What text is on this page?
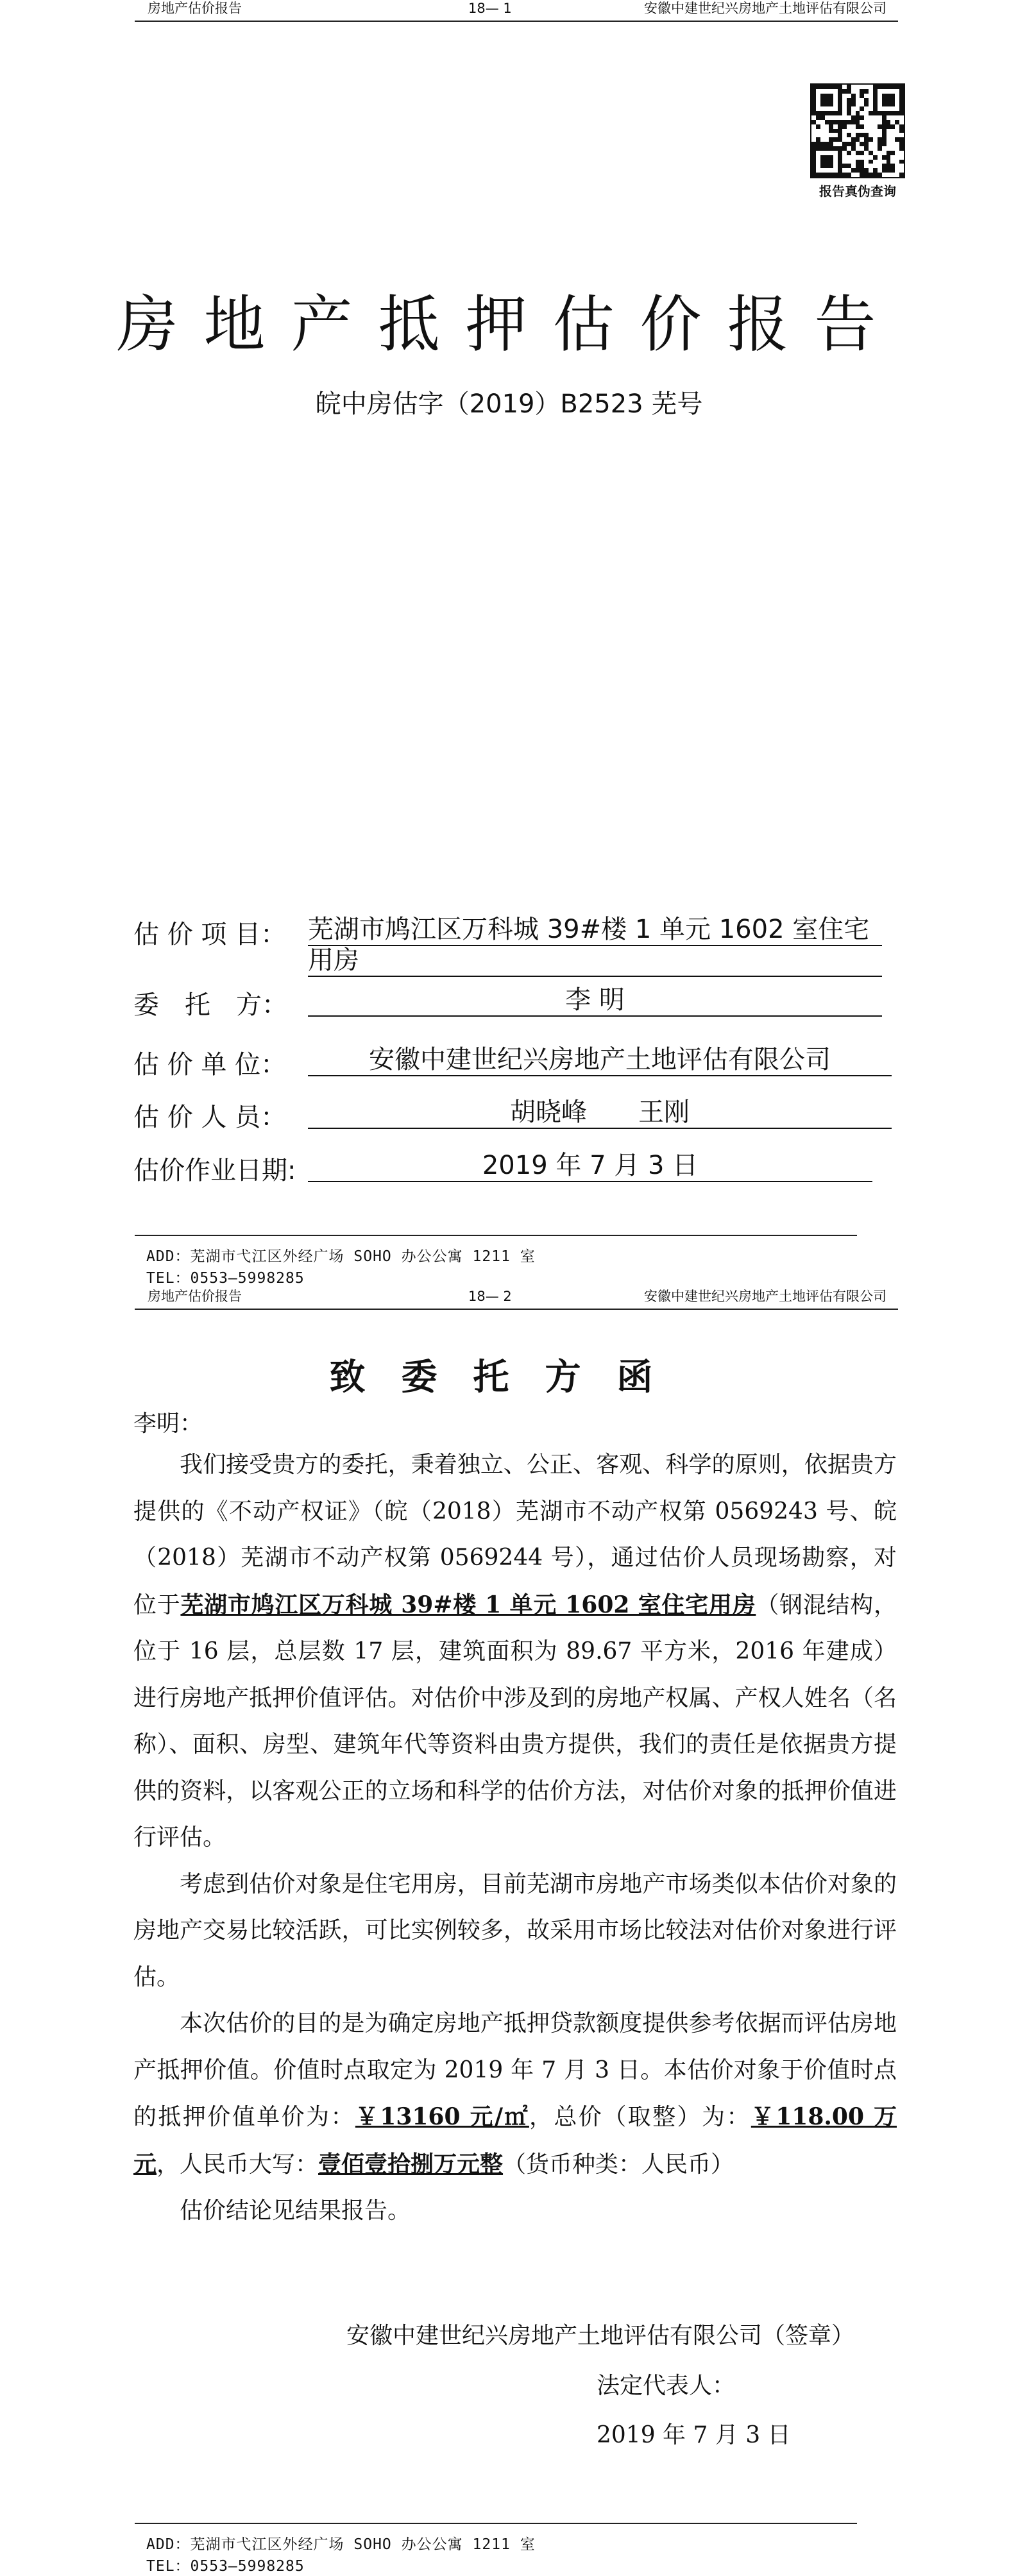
房地产估价报告	18— 1	安徽中建世纪兴房地产土地评估有限公司
报告真伪查询
房地产抵押估价报告
皖中房估字（2019）B2523 芜号
估 价 项 目： 芜湖市鸠江区万科城 39#楼 1 单元 1602 室住宅用房
委　托　方：	李 明
估 价 单 位：	安徽中建世纪兴房地产土地评估有限公司
估 价 人 员：	胡晓峰　　王刚
估价作业日期:	2019 年 7 月 3 日
ADD：芜湖市弋江区外经广场 SOHO 办公公寓 1211 室
TEL：0553—5998285
房地产估价报告	18— 2	安徽中建世纪兴房地产土地评估有限公司
致委托方函
李明：

我们接受贵方的委托，秉着独立、公正、客观、科学的原则，依据贵方提供的《不动产权证》（皖（2018）芜湖市不动产权第 0569243 号、皖（2018）芜湖市不动产权第 0569244 号），通过估价人员现场勘察，对位于芜湖市鸠江区万科城 39#楼 1 单元 1602 室住宅用房（钢混结构，位于 16 层，总层数 17 层，建筑面积为 89.67 平方米，2016 年建成）进行房地产抵押价值评估。对估价中涉及到的房地产权属、产权人姓名（名称）、面积、房型、建筑年代等资料由贵方提供，我们的责任是依据贵方提供的资料，以客观公正的立场和科学的估价方法，对估价对象的抵押价值进行评估。

考虑到估价对象是住宅用房，目前芜湖市房地产市场类似本估价对象的房地产交易比较活跃，可比实例较多，故采用市场比较法对估价对象进行评估。

本次估价的目的是为确定房地产抵押贷款额度提供参考依据而评估房地产抵押价值。价值时点取定为 2019 年 7 月 3 日。本估价对象于价值时点的抵押价值单价为：￥13160 元/㎡，总价（取整）为：￥118.00 万元，人民币大写：壹佰壹拾捌万元整（货币种类：人民币）

估价结论见结果报告。

安徽中建世纪兴房地产土地评估有限公司（签章）
法定代表人：
2019 年 7 月 3 日
ADD：芜湖市弋江区外经广场 SOHO 办公公寓 1211 室
TEL：0553—5998285
